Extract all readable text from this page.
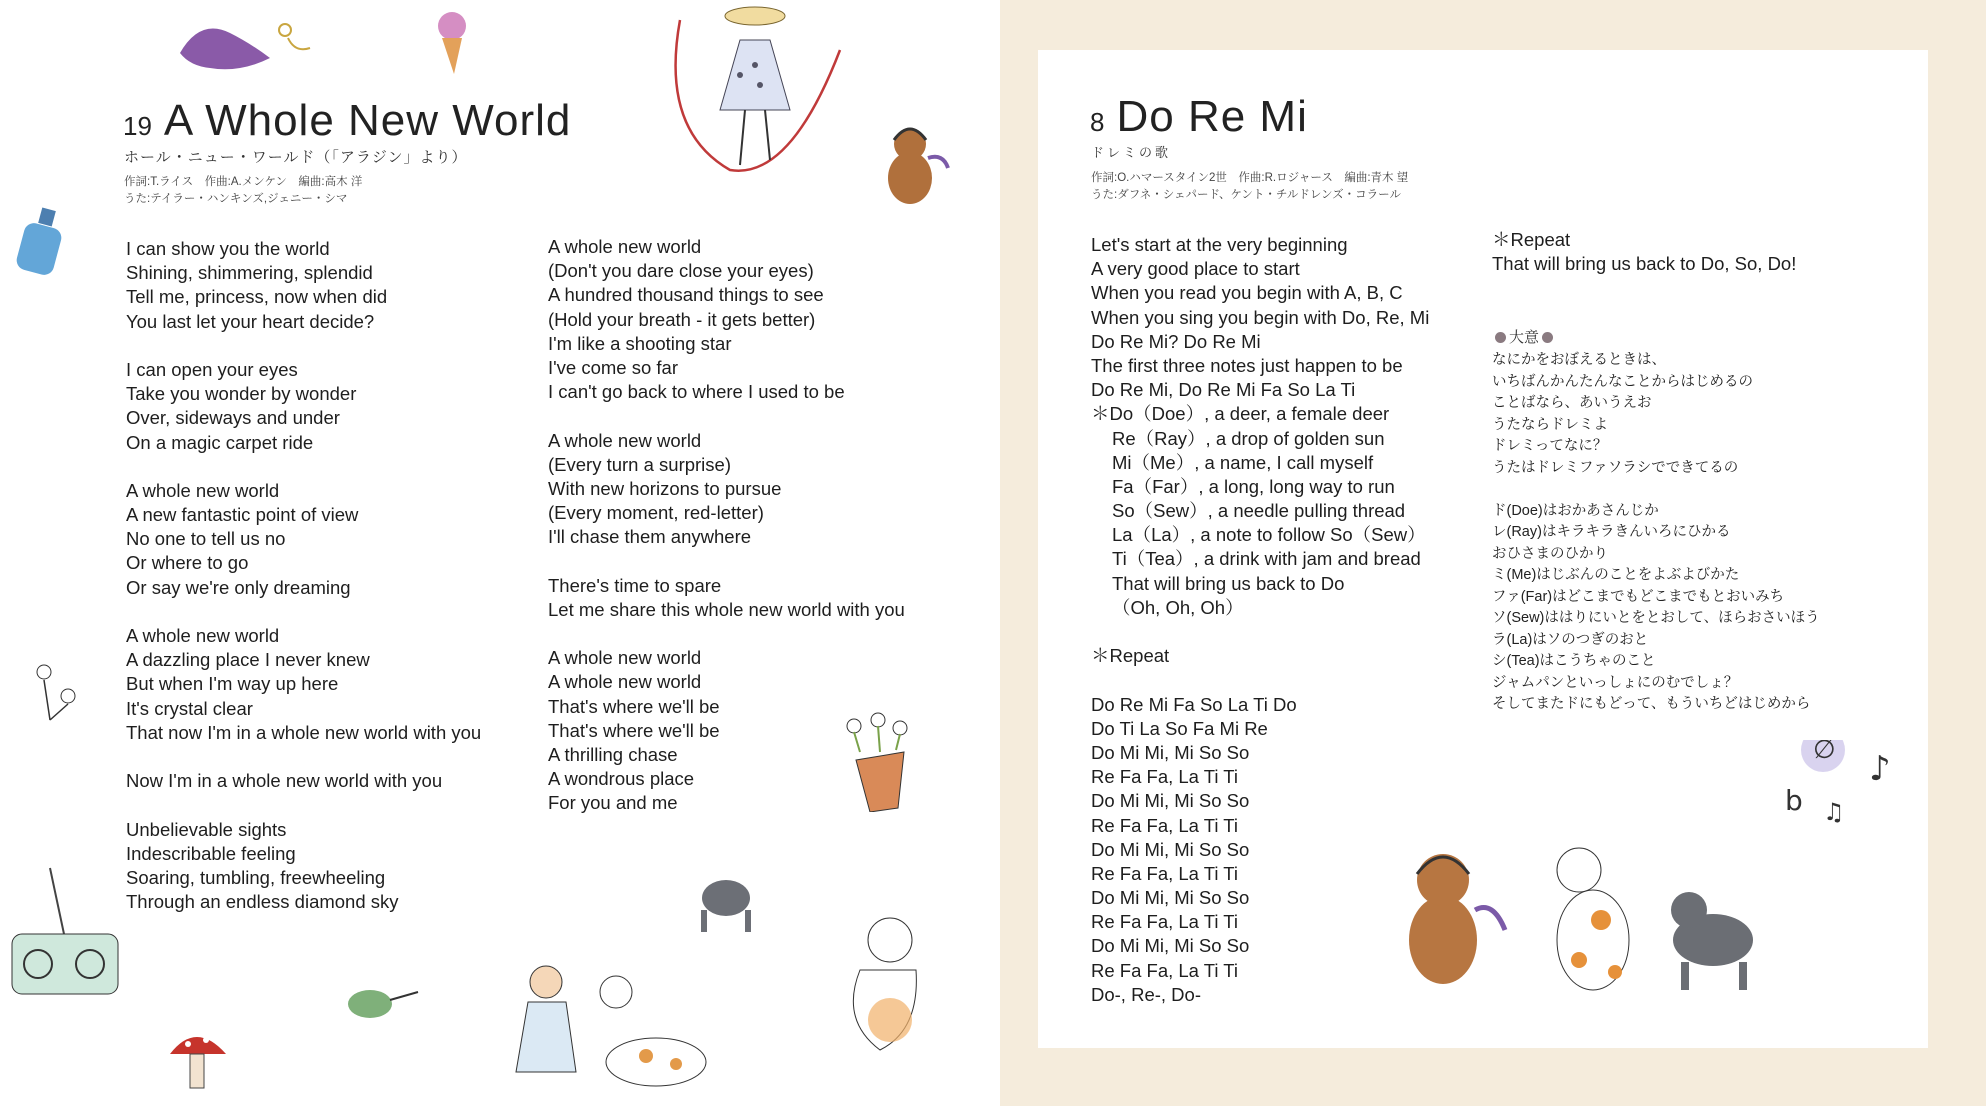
19 A Whole New World
ホール・ニュー・ワールド（「アラジン」より）
作詞:T.ライス　作曲:A.メンケン　編曲:高木 洋
うた:テイラー・ハンキンズ,ジェニー・シマ
I can show you the world
Shining, shimmering, splendid
Tell me, princess, now when did
You last let your heart decide?
I can open your eyes
Take you wonder by wonder
Over, sideways and under
On a magic carpet ride
A whole new world
A new fantastic point of view
No one to tell us no
Or where to go
Or say we're only dreaming
A whole new world
A dazzling place I never knew
But when I'm way up here
It's crystal clear
That now I'm in a whole new world with you
Now I'm in a whole new world with you
Unbelievable sights
Indescribable feeling
Soaring, tumbling, freewheeling
Through an endless diamond sky
A whole new world
(Don't you dare close your eyes)
A hundred thousand things to see
(Hold your breath - it gets better)
I'm like a shooting star
I've come so far
I can't go back to where I used to be
A whole new world
(Every turn a surprise)
With new horizons to pursue
(Every moment, red-letter)
I'll chase them anywhere
There's time to spare
Let me share this whole new world with you
A whole new world
A whole new world
That's where we'll be
That's where we'll be
A thrilling chase
A wondrous place
For you and me
8 Do Re Mi
ドレミの歌
作詞:O.ハマースタイン2世　作曲:R.ロジャース　編曲:青木 望
うた:ダフネ・シェパード、ケント・チルドレンズ・コラール
Let's start at the very beginning
A very good place to start
When you read you begin with A, B, C
When you sing you begin with Do, Re, Mi
Do Re Mi? Do Re Mi
The first three notes just happen to be
Do Re Mi, Do Re Mi Fa So La Ti
＊Do（Doe）, a deer, a female deer
Re（Ray）, a drop of golden sun
Mi（Me）, a name, I call myself
Fa（Far）, a long, long way to run
So（Sew）, a needle pulling thread
La（La）, a note to follow So（Sew）
Ti（Tea）, a drink with jam and bread
That will bring us back to Do
（Oh, Oh, Oh）
＊Repeat
Do Re Mi Fa So La Ti Do
Do Ti La So Fa Mi Re
Do Mi Mi, Mi So So
Re Fa Fa, La Ti Ti
Do Mi Mi, Mi So So
Re Fa Fa, La Ti Ti
Do Mi Mi, Mi So So
Re Fa Fa, La Ti Ti
Do Mi Mi, Mi So So
Re Fa Fa, La Ti Ti
Do Mi Mi, Mi So So
Re Fa Fa, La Ti Ti
Do-, Re-, Do-
＊Repeat
That will bring us back to Do, So, Do!
大意
なにかをおぼえるときは、
いちばんかんたんなことからはじめるの
ことばなら、あいうえお
うたならドレミよ
ドレミってなに？
うたはドレミファソラシでできてるの
ド(Doe)はおかあさんじか
レ(Ray)はキラキラきんいろにひかる
おひさまのひかり
ミ(Me)はじぶんのことをよぶよびかた
ファ(Far)はどこまでもどこまでもとおいみち
ソ(Sew)ははりにいとをとおして、ほらおさいほう
ラ(La)はソのつぎのおと
シ(Tea)はこうちゃのこと
ジャムパンといっしょにのむでしょ？
そしてまたドにもどって、もういちどはじめから
∅ ♪
b ♫
